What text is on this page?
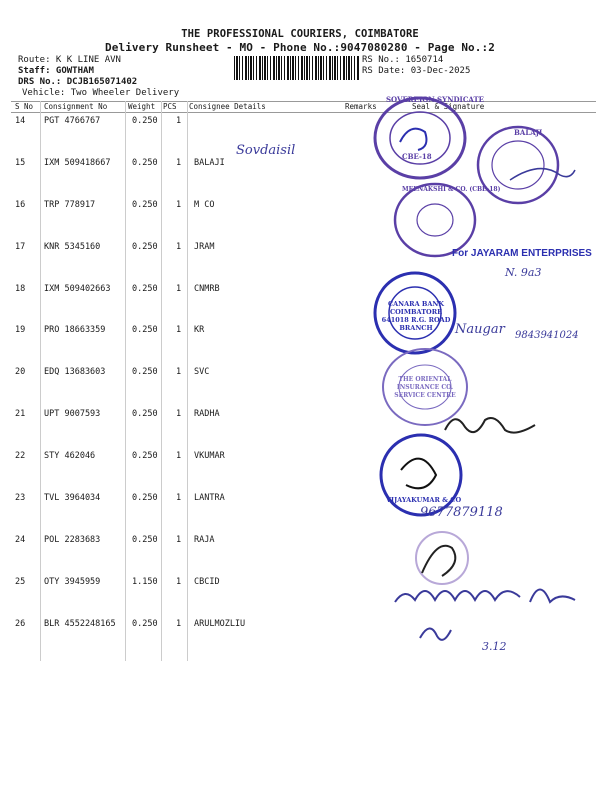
THE PROFESSIONAL COURIERS, COIMBATORE
Delivery Runsheet - MO - Phone No.:9047080280 - Page No.:2
Route: K K LINE AVN
Staff: GOWTHAM
DRS No.: DCJB165071402
Vehicle: Two Wheeler Delivery
RS No.: 1650714
RS Date: 03-Dec-2025
S No Consignment No	Weight PCS Consignee Details	Remarks	Seal & Signature
14 PGT 4766767	0.250 1
15 IXM 509418667	0.250 1 BALAJI
16 TRP 778917	0.250 1 M CO
17 KNR 5345160	0.250 1 JRAM
18 IXM 509402663	0.250 1 CNMRB
19 PRO 18663359	0.250 1 KR
20 EDQ 13683603	0.250 1 SVC
21 UPT 9007593	0.250 1 RADHA
22 STY 462046	0.250 1 VKUMAR
23 TVL 3964034	0.250 1 LANTRA
24 POL 2283683	0.250 1 RAJA
25 OTY 3945959	1.150 1 CBCID
26 BLR 4552248165 0.250 1 ARULMOZLIU
SOVEREIGN SYNDICATE
CBE-18
BALAJI
MEENAKSHI & CO. (CBE-18)
For JAYARAM ENTERPRISES
N. 9a3
CANARA BANK COIMBATORE 641018 R.G. ROAD BRANCH	Naugar 9843941024
THE ORIENTAL INSURANCE CO. SERVICE CENTRE
VIJAYAKUMAR & CO
9677879118
3.12
Sovdaisil
